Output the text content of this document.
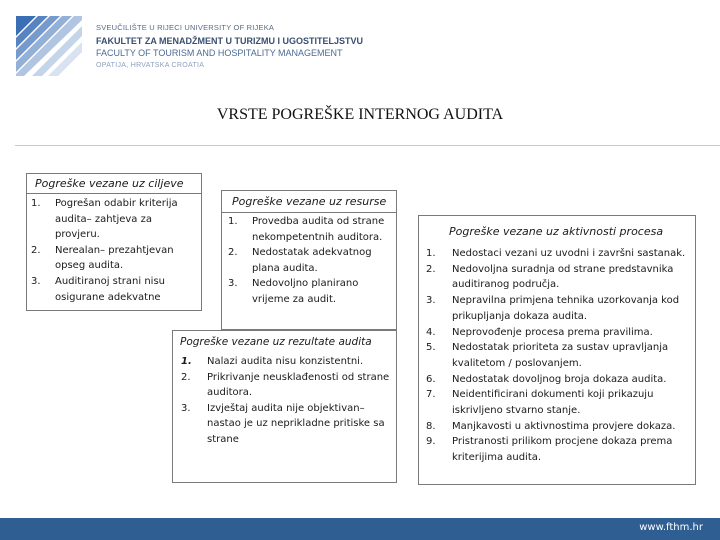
SVEUČILIŠTE U RIJECI UNIVERSITY OF RIJEKA
FAKULTET ZA MENADŽMENT U TURIZMU I UGOSTITELJSTVU
FACULTY OF TOURISM AND HOSPITALITY MANAGEMENT
OPATIJA, HRVATSKA CROATIA
VRSTE POGREŠKE INTERNOG AUDITA
Pogreške vezane uz ciljeve
1. Pogrešan odabir kriterija audita– zahtjeva za provjeru.
2. Nerealan– prezahtjevan opseg audita.
3. Auditiranoj strani nisu osigurane adekvatne
Pogreške vezane uz resurse
1. Provedba audita od strane nekompetentnih auditora.
2. Nedostatak adekvatnog plana audita.
3. Nedovoljno planirano vrijeme za audit.
Pogreške vezane uz rezultate audita
1. Nalazi audita nisu konzistentni.
2. Prikrivanje neusklađenosti od strane auditora.
3. Izvještaj audita nije objektivan– nastao je uz neprikladne pritiske sa strane
Pogreške vezane uz aktivnosti procesa
1. Nedostaci vezani uz uvodni i završni sastanak.
2. Nedovoljna suradnja od strane predstavnika auditiranog područja.
3. Nepravilna primjena tehnika uzorkovanja kod prikupljanja dokaza audita.
4. Neprovođenje procesa prema pravilima.
5. Nedostatak prioriteta za sustav upravljanja kvalitetom / poslovanjem.
6. Nedostatak dovoljnog broja dokaza audita.
7. Neidentificirani dokumenti koji prikazuju iskrivljeno stvarno stanje.
8. Manjkavosti u aktivnostima provjere dokaza.
9. Pristranosti prilikom procjene dokaza prema kriterijima audita.
www.fthm.hr
